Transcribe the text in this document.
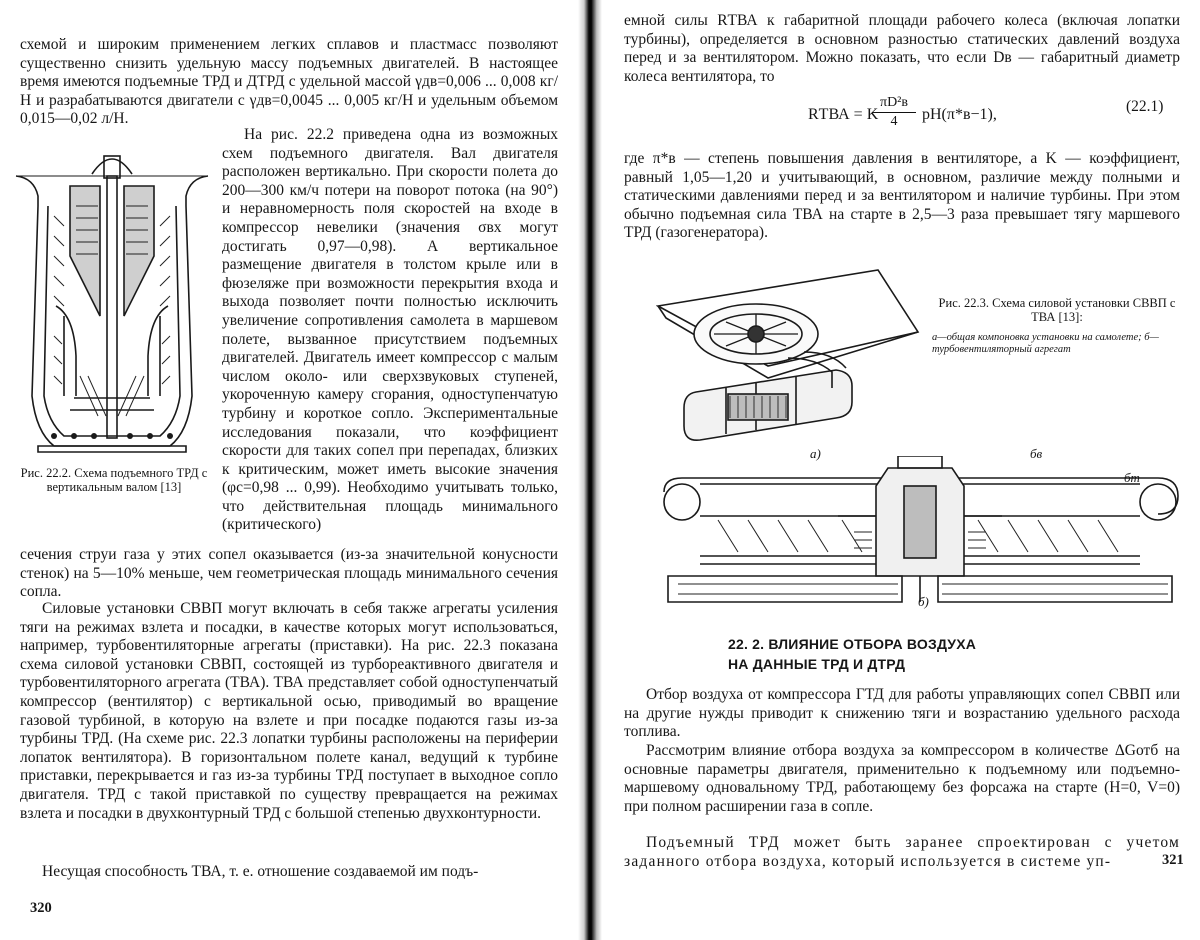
схемой и широким применением легких сплавов и пластмасс позволяют существенно снизить удельную массу подъемных двигателей. В настоящее время имеются подъемные ТРД и ДТРД с удельной массой γдв=0,006 ... 0,008 кг/Н и разрабатываются двигатели с γдв=0,0045 ... 0,005 кг/Н и удельным объемом 0,015—0,02 л/Н.

Рис. 22.2. Схема подъемного ТРД с вертикальным валом [13]

На рис. 22.2 приведена одна из возможных схем подъемного двигателя. Вал двигателя расположен вертикально. При скорости полета до 200—300 км/ч потери на поворот потока (на 90°) и неравномерность поля скоростей на входе в компрессор невелики (значения σвх могут достигать 0,97—0,98). А вертикальное размещение двигателя в толстом крыле или в фюзеляже при возможности перекрытия входа и выхода позволяет почти полностью исключить увеличение сопротивления самолета в маршевом полете, вызванное присутствием подъемных двигателей. Двигатель имеет компрессор с малым числом около- или сверхзвуковых ступеней, укороченную камеру сгорания, одноступенчатую турбину и короткое сопло. Экспериментальные исследования показали, что коэффициент скорости для таких сопел при перепадах, близких к критическим, может иметь высокие значения (φс=0,98 ... 0,99). Необходимо учитывать только, что действительная площадь минимального (критического)

сечения струи газа у этих сопел оказывается (из-за значительной конусности стенок) на 5—10% меньше, чем геометрическая площадь минимального сечения сопла.

Силовые установки СВВП могут включать в себя также агрегаты усиления тяги на режимах взлета и посадки, в качестве которых могут использоваться, например, турбовентиляторные агрегаты (приставки). На рис. 22.3 показана схема силовой установки СВВП, состоящей из турбореактивного двигателя и турбовентиляторного агрегата (ТВА). ТВА представляет собой одноступенчатый компрессор (вентилятор) с вертикальной осью, приводимый во вращение газовой турбиной, в которую на взлете и при посадке подаются газы из-за турбины ТРД. (На схеме рис. 22.3 лопатки турбины расположены на периферии лопаток вентилятора). В горизонтальном полете канал, ведущий к турбине приставки, перекрывается и газ из-за турбины ТРД поступает в выходное сопло двигателя. ТРД с такой приставкой по существу превращается на режимах взлета и посадки в двухконтурный ТРД с большой степенью двухконтурности.

Несущая способность ТВА, т. е. отношение создаваемой им подъ-

320

емной силы RТВА к габаритной площади рабочего колеса (включая лопатки турбины), определяется в основном разностью статических давлений воздуха перед и за вентилятором. Можно показать, что если Dв — габаритный диаметр колеса вентилятора, то

RТВА = K
πD²в
4	pН(π*в−1),	(22.1)

где π*в — степень повышения давления в вентиляторе, а K — коэффициент, равный 1,05—1,20 и учитывающий, в основном, различие между полными и статическими давлениями перед и за вентилятором и наличие турбины. При этом обычно подъемная сила ТВА на старте в 2,5—3 раза превышает тягу маршевого ТРД (газогенератора).

а)
Рис. 22.3. Схема силовой установки СВВП с ТВА [13]:
а—общая компоновка установки на самолете; б—турбовентиляторный агрегат
бв
бт
б)
22. 2. ВЛИЯНИЕ ОТБОРА ВОЗДУХА
НА ДАННЫЕ ТРД И ДТРД

Отбор воздуха от компрессора ГТД для работы управляющих сопел СВВП или на другие нужды приводит к снижению тяги и возрастанию удельного расхода топлива.

Рассмотрим влияние отбора воздуха за компрессором в количестве ΔGотб на основные параметры двигателя, применительно к подъемному или подъемно-маршевому одновальному ТРД, работающему без форсажа на старте (H=0, V=0) при полном расширении газа в сопле.

Подъемный ТРД может быть заранее спроектирован с учетом заданного отбора воздуха, который используется в системе уп-	321
